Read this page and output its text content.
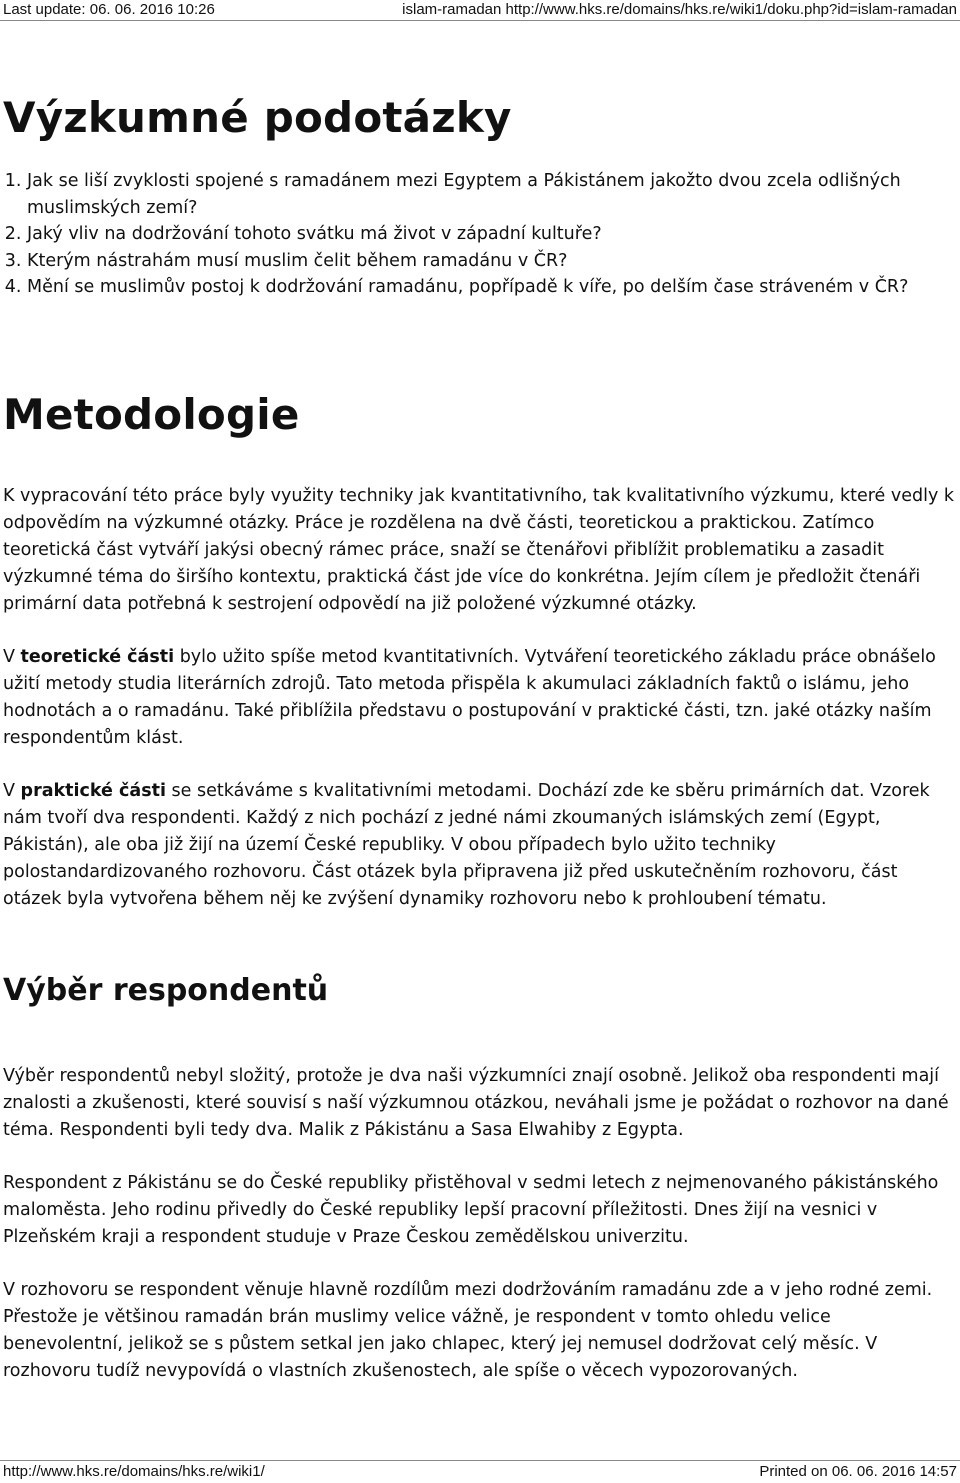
Last update: 06. 06. 2016 10:26	islam-ramadan http://www.hks.re/domains/hks.re/wiki1/doku.php?id=islam-ramadan
Výzkumné podotázky
1. Jak se liší zvyklosti spojené s ramadánem mezi Egyptem a Pákistánem jakožto dvou zcela odlišných muslimských zemí?
2. Jaký vliv na dodržování tohoto svátku má život v západní kultuře?
3. Kterým nástrahám musí muslim čelit během ramadánu v ČR?
4. Mění se muslimův postoj k dodržování ramadánu, popřípadě k víře, po delším čase stráveném v ČR?
Metodologie

K vypracování této práce byly využity techniky jak kvantitativního, tak kvalitativního výzkumu, které vedly k odpovědím na výzkumné otázky. Práce je rozdělena na dvě části, teoretickou a praktickou. Zatímco teoretická část vytváří jakýsi obecný rámec práce, snaží se čtenářovi přiblížit problematiku a zasadit výzkumné téma do širšího kontextu, praktická část jde více do konkrétna. Jejím cílem je předložit čtenáři primární data potřebná k sestrojení odpovědí na již položené výzkumné otázky.

V teoretické části bylo užito spíše metod kvantitativních. Vytváření teoretického základu práce obnášelo užití metody studia literárních zdrojů. Tato metoda přispěla k akumulaci základních faktů o islámu, jeho hodnotách a o ramadánu. Také přiblížila představu o postupování v praktické části, tzn. jaké otázky naším respondentům klást.

V praktické části se setkáváme s kvalitativními metodami. Dochází zde ke sběru primárních dat. Vzorek nám tvoří dva respondenti. Každý z nich pochází z jedné námi zkoumaných islámských zemí (Egypt, Pákistán), ale oba již žijí na území České republiky. V obou případech bylo užito techniky polostandardizovaného rozhovoru. Část otázek byla připravena již před uskutečněním rozhovoru, část otázek byla vytvořena během něj ke zvýšení dynamiky rozhovoru nebo k prohloubení tématu.

Výběr respondentů

Výběr respondentů nebyl složitý, protože je dva naši výzkumníci znají osobně. Jelikož oba respondenti mají znalosti a zkušenosti, které souvisí s naší výzkumnou otázkou, neváhali jsme je požádat o rozhovor na dané téma. Respondenti byli tedy dva. Malik z Pákistánu a Sasa Elwahiby z Egypta.

Respondent z Pákistánu se do České republiky přistěhoval v sedmi letech z nejmenovaného pákistánského maloměsta. Jeho rodinu přivedly do České republiky lepší pracovní příležitosti. Dnes žijí na vesnici v Plzeňském kraji a respondent studuje v Praze Českou zemědělskou univerzitu.

V rozhovoru se respondent věnuje hlavně rozdílům mezi dodržováním ramadánu zde a v jeho rodné zemi. Přestože je většinou ramadán brán muslimy velice vážně, je respondent v tomto ohledu velice benevolentní, jelikož se s půstem setkal jen jako chlapec, který jej nemusel dodržovat celý měsíc. V rozhovoru tudíž nevypovídá o vlastních zkušenostech, ale spíše o věcech vypozorovaných.

http://www.hks.re/domains/hks.re/wiki1/	Printed on 06. 06. 2016 14:57
